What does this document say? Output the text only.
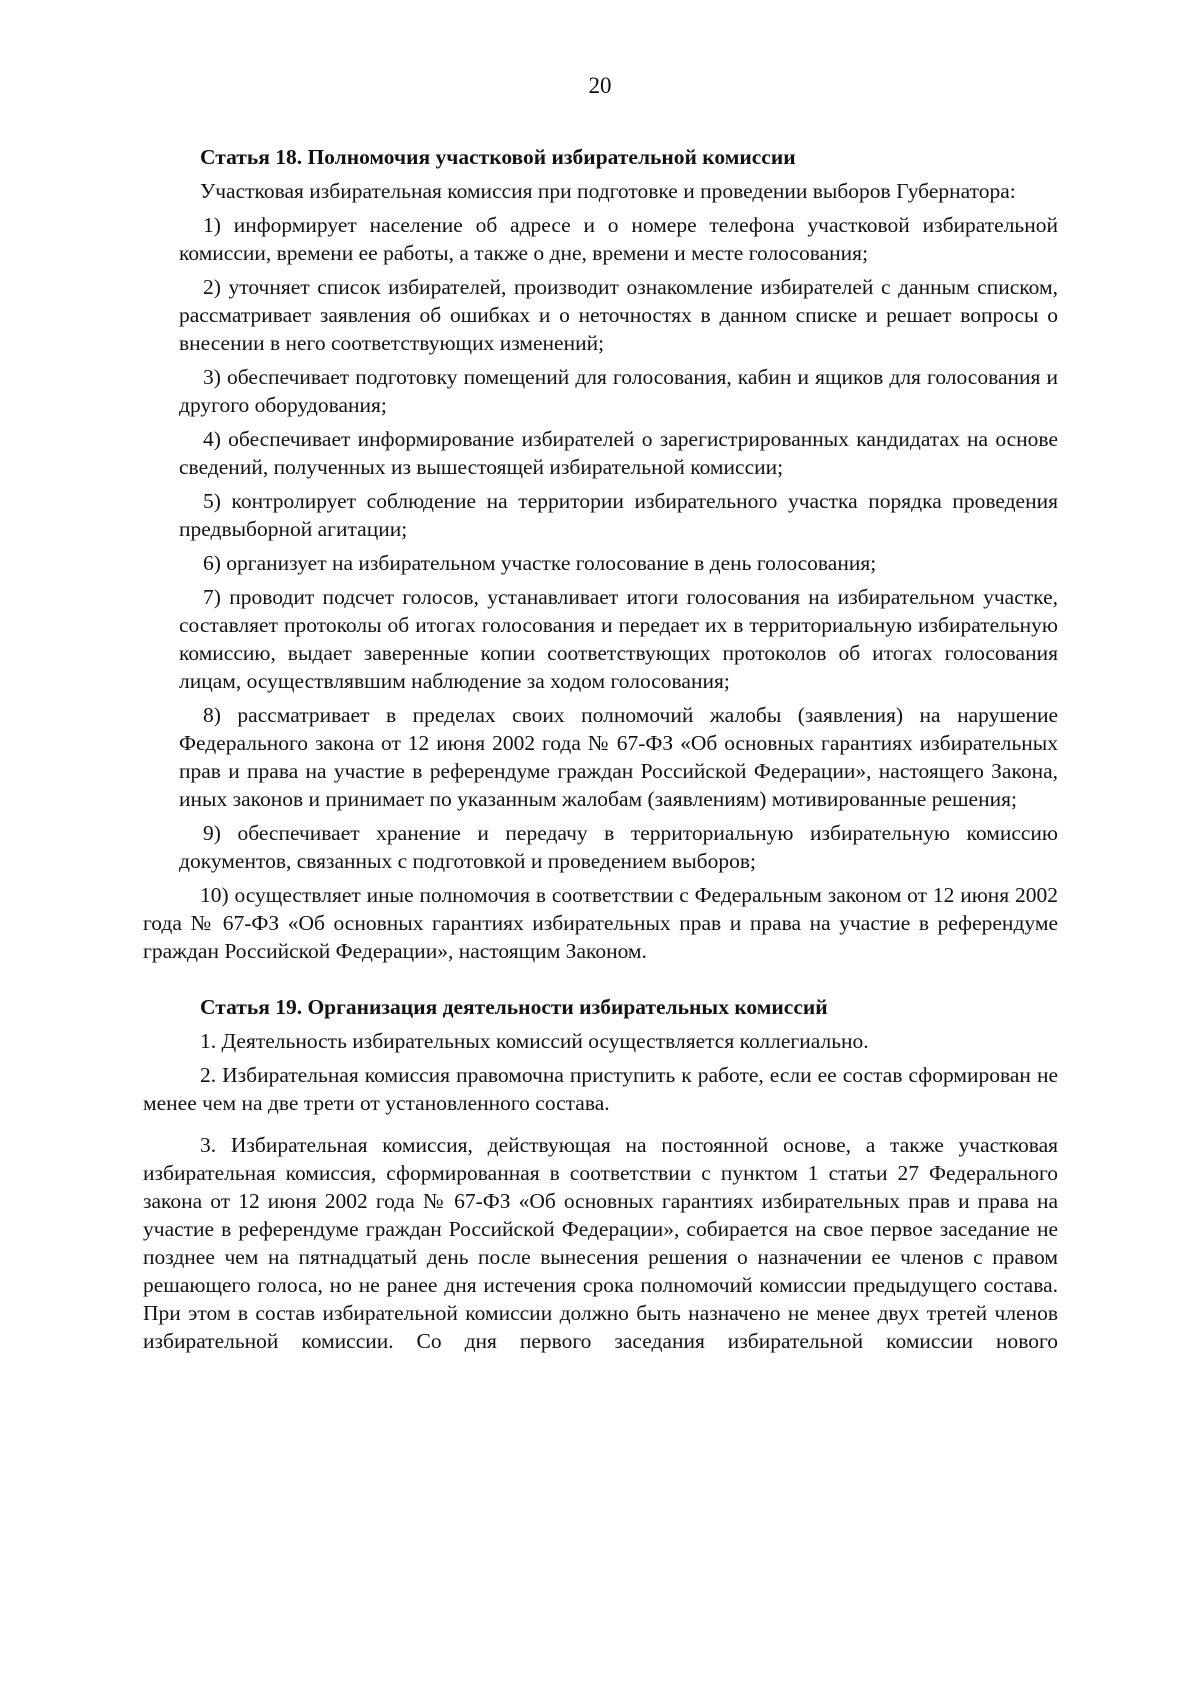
20
Статья 18. Полномочия участковой избирательной комиссии
Участковая избирательная комиссия при подготовке и проведении выборов Губернатора:
1) информирует население об адресе и о номере телефона участковой избирательной комиссии, времени ее работы, а также о дне, времени и месте голосования;
2) уточняет список избирателей, производит ознакомление избирателей с данным списком, рассматривает заявления об ошибках и о неточностях в данном списке и решает вопросы о внесении в него соответствующих изменений;
3) обеспечивает подготовку помещений для голосования, кабин и ящиков для голосования и другого оборудования;
4) обеспечивает информирование избирателей о зарегистрированных кандидатах на основе сведений, полученных из вышестоящей избирательной комиссии;
5) контролирует соблюдение на территории избирательного участка порядка проведения предвыборной агитации;
6) организует на избирательном участке голосование в день голосования;
7) проводит подсчет голосов, устанавливает итоги голосования на избирательном участке, составляет протоколы об итогах голосования и передает их в территориальную избирательную комиссию, выдает заверенные копии соответствующих протоколов об итогах голосования лицам, осуществлявшим наблюдение за ходом голосования;
8) рассматривает в пределах своих полномочий жалобы (заявления) на нарушение Федерального закона от 12 июня 2002 года № 67-ФЗ «Об основных гарантиях избирательных прав и права на участие в референдуме граждан Российской Федерации», настоящего Закона, иных законов и принимает по указанным жалобам (заявлениям) мотивированные решения;
9) обеспечивает хранение и передачу в территориальную избирательную комиссию документов, связанных с подготовкой и проведением выборов;
10) осуществляет иные полномочия в соответствии с Федеральным законом от 12 июня 2002 года № 67-ФЗ «Об основных гарантиях избирательных прав и права на участие в референдуме граждан Российской Федерации», настоящим Законом.
Статья 19. Организация деятельности избирательных комиссий
1. Деятельность избирательных комиссий осуществляется коллегиально.
2. Избирательная комиссия правомочна приступить к работе, если ее состав сформирован не менее чем на две трети от установленного состава.
3. Избирательная комиссия, действующая на постоянной основе, а также участковая избирательная комиссия, сформированная в соответствии с пунктом 1 статьи 27 Федерального закона от 12 июня 2002 года № 67-ФЗ «Об основных гарантиях избирательных прав и права на участие в референдуме граждан Российской Федерации», собирается на свое первое заседание не позднее чем на пятнадцатый день после вынесения решения о назначении ее членов с правом решающего голоса, но не ранее дня истечения срока полномочий комиссии предыдущего состава. При этом в состав избирательной комиссии должно быть назначено не менее двух третей членов избирательной комиссии. Со дня первого заседания избирательной комиссии нового
